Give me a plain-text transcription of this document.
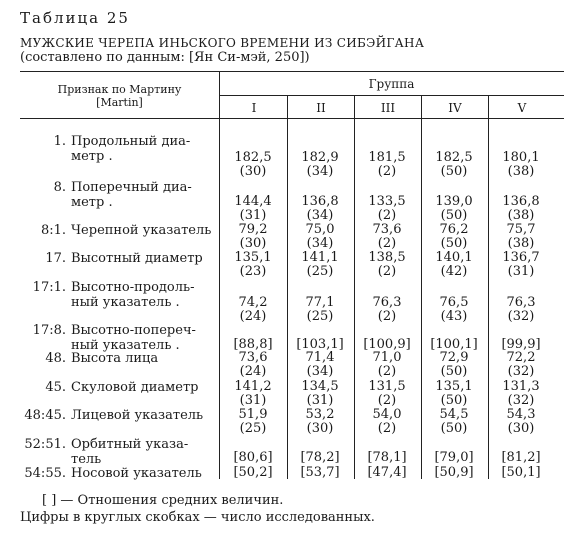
Таблица 25
МУЖСКИЕ ЧЕРЕПА ИНЬСКОГО ВРЕМЕНИ ИЗ СИБЭЙГАНА
(составлено по данным: [Ян Си-мэй, 250])
Признак по Мартину
[Martin]
Группа
I	II	III	IV	V
1. Продольный диа-
метр .	182,5	182,9	181,5	182,5	180,1
(30)	(34)	(2)	(50)	(38)
8. Поперечный диа-
метр .	144,4	136,8	133,5	139,0	136,8
(31)	(34)	(2)	(50)	(38)
8:1. Черепной указатель	79,2	75,0	73,6	76,2	75,7
(30)	(34)	(2)	(50)	(38)
17. Высотный диаметр	135,1	141,1	138,5	140,1	136,7
(23)	(25)	(2)	(42)	(31)
17:1. Высотно-продоль-
ный указатель .	74,2	77,1	76,3	76,5	76,3
(24)	(25)	(2)	(43)	(32)
17:8. Высотно-попереч-
ный указатель .	[88,8]	[103,1]	[100,9]	[100,1]	[99,9]
48. Высота лица	73,6	71,4	71,0	72,9	72,2
(24)	(34)	(2)	(50)	(32)
45. Скуловой диаметр	141,2	134,5	131,5	135,1	131,3
(31)	(31)	(2)	(50)	(32)
48:45. Лицевой указатель	51,9	53,2	54,0	54,5	54,3
(25)	(30)	(2)	(50)	(30)
52:51. Орбитный указа-
тель	[80,6]	[78,2]	[78,1]	[79,0]	[81,2]
54:55. Носовой указатель	[50,2]	[53,7]	[47,4]	[50,9]	[50,1]
[ ] — Отношения средних величин.
Цифры в круглых скобках — число исследованных.
